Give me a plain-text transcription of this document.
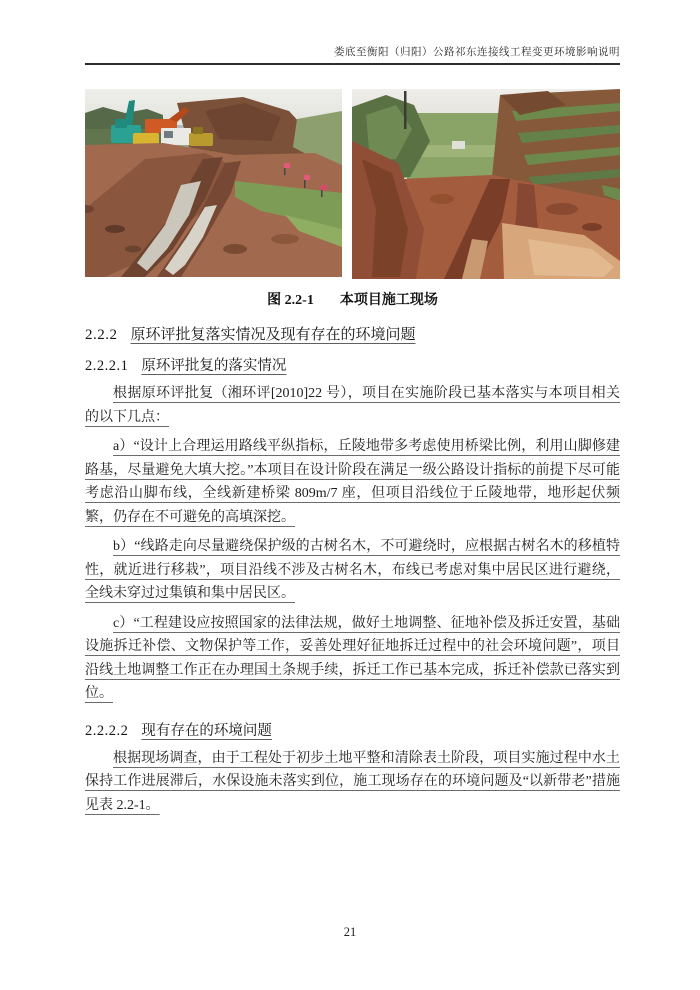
娄底至衡阳（归阳）公路祁东连接线工程变更环境影响说明
图 2.2-1 本项目施工现场
2.2.2 原环评批复落实情况及现有存在的环境问题
2.2.2.1 原环评批复的落实情况

根据原环评批复（湘环评[2010]22 号），项目在实施阶段已基本落实与本项目相关的以下几点：

a）“设计上合理运用路线平纵指标，丘陵地带多考虑使用桥梁比例，利用山脚修建路基，尽量避免大填大挖。”本项目在设计阶段在满足一级公路设计指标的前提下尽可能考虑沿山脚布线，全线新建桥梁 809m/7 座，但项目沿线位于丘陵地带，地形起伏频繁，仍存在不可避免的高填深挖。

b）“线路走向尽量避绕保护级的古树名木，不可避绕时，应根据古树名木的移植特性，就近进行移栽”，项目沿线不涉及古树名木，布线已考虑对集中居民区进行避绕，全线未穿过过集镇和集中居民区。

c）“工程建设应按照国家的法律法规，做好土地调整、征地补偿及拆迁安置，基础设施拆迁补偿、文物保护等工作，妥善处理好征地拆迁过程中的社会环境问题”，项目沿线土地调整工作正在办理国土条规手续，拆迁工作已基本完成，拆迁补偿款已落实到位。

2.2.2.2 现有存在的环境问题

根据现场调查，由于工程处于初步土地平整和清除表土阶段，项目实施过程中水土保持工作进展滞后，水保设施未落实到位，施工现场存在的环境问题及“以新带老”措施见表 2.2-1。

21
